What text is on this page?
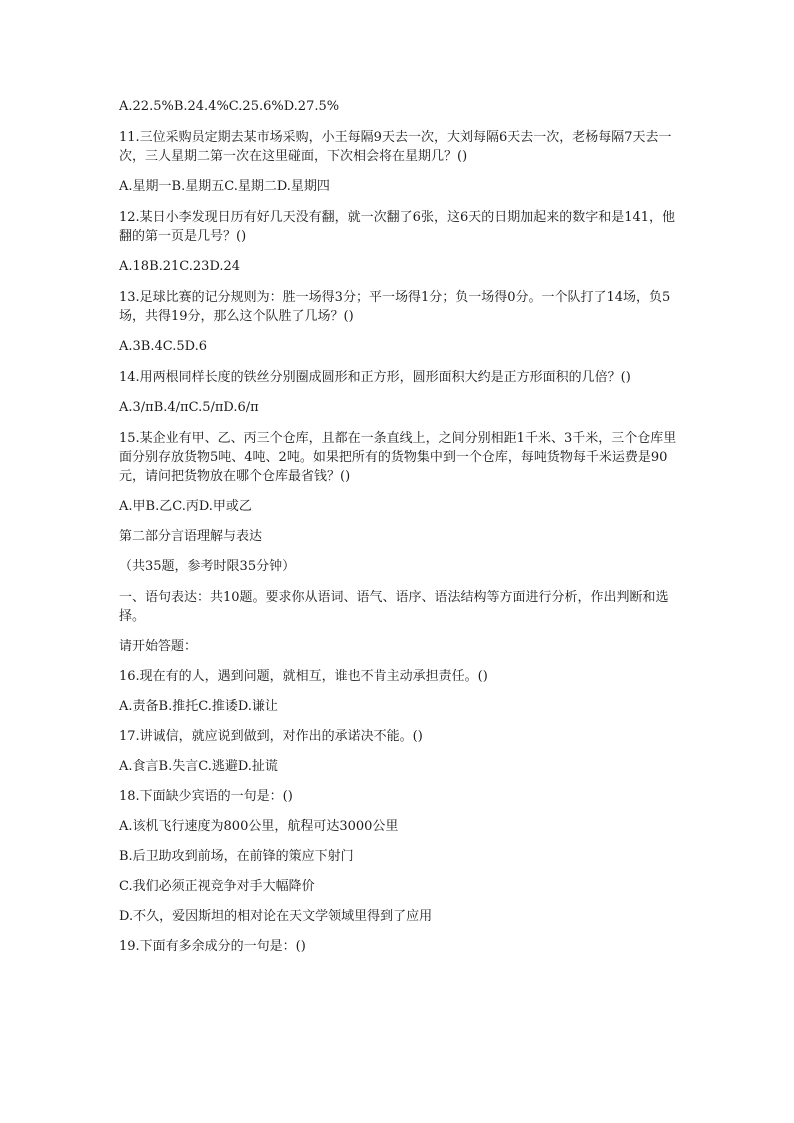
A.22.5%B.24.4%C.25.6%D.27.5%

11.三位采购员定期去某市场采购，小王每隔9天去一次，大刘每隔6天去一次，老杨每隔7天去一次，三人星期二第一次在这里碰面，下次相会将在星期几？()

A.星期一B.星期五C.星期二D.星期四

12.某日小李发现日历有好几天没有翻，就一次翻了6张，这6天的日期加起来的数字和是141，他翻的第一页是几号？()

A.18B.21C.23D.24

13.足球比赛的记分规则为：胜一场得3分；平一场得1分；负一场得0分。一个队打了14场，负5场，共得19分，那么这个队胜了几场？()

A.3B.4C.5D.6

14.用两根同样长度的铁丝分别圈成圆形和正方形，圆形面积大约是正方形面积的几倍？()

A.3/πB.4/πC.5/πD.6/π

15.某企业有甲、乙、丙三个仓库，且都在一条直线上，之间分别相距1千米、3千米，三个仓库里面分别存放货物5吨、4吨、2吨。如果把所有的货物集中到一个仓库，每吨货物每千米运费是90元，请问把货物放在哪个仓库最省钱？()

A.甲B.乙C.丙D.甲或乙

第二部分言语理解与表达

（共35题，参考时限35分钟）

一、语句表达：共10题。要求你从语词、语气、语序、语法结构等方面进行分析，作出判断和选择。

请开始答题：

16.现在有的人，遇到问题，就相互，谁也不肯主动承担责任。()

A.责备B.推托C.推诿D.谦让

17.讲诚信，就应说到做到，对作出的承诺决不能。()

A.食言B.失言C.逃避D.扯谎

18.下面缺少宾语的一句是：()

A.该机飞行速度为800公里，航程可达3000公里

B.后卫助攻到前场，在前锋的策应下射门

C.我们必须正视竞争对手大幅降价

D.不久，爱因斯坦的相对论在天文学领域里得到了应用

19.下面有多余成分的一句是：()
